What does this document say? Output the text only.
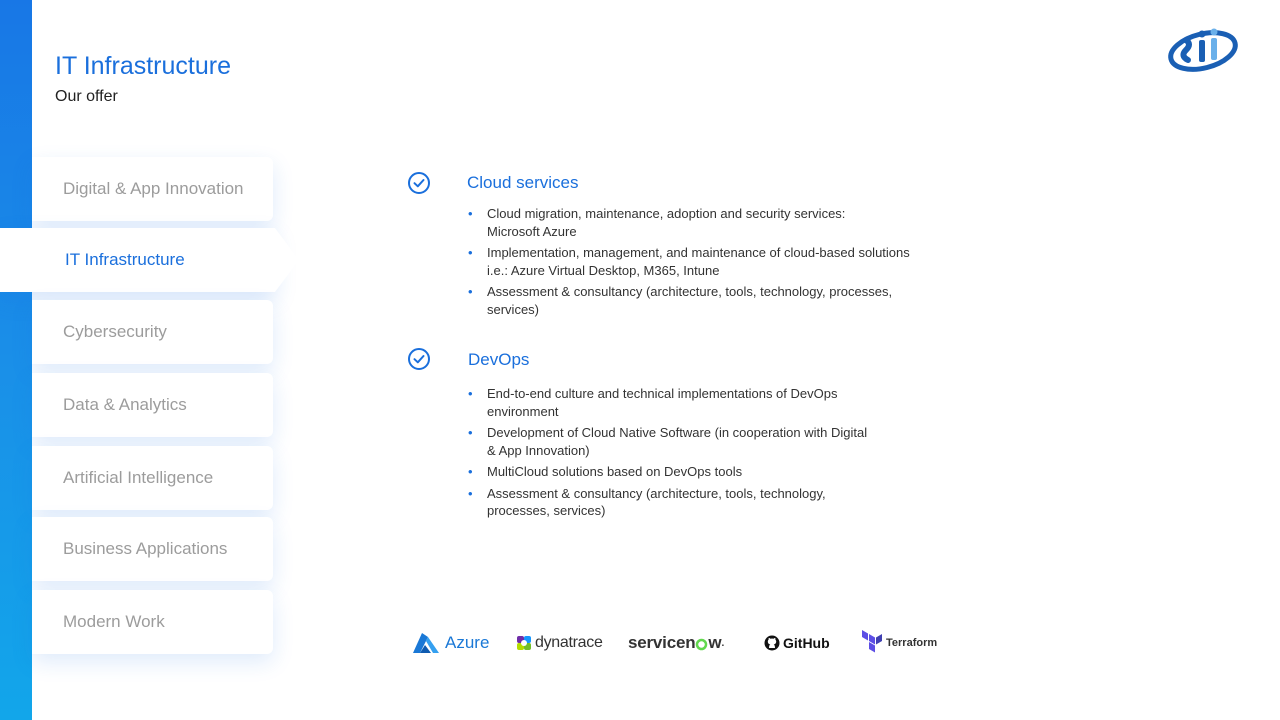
IT Infrastructure
Our offer
Digital & App Innovation
IT Infrastructure
Cybersecurity
Data & Analytics
Artificial Intelligence
Business Applications
Modern Work
Cloud services
• Cloud migration, maintenance, adoption and security services:
Microsoft Azure
• Implementation, management, and maintenance of cloud-based solutions
i.e.: Azure Virtual Desktop, M365, Intune
• Assessment & consultancy (architecture, tools, technology, processes,
services)
DevOps
• End-to-end culture and technical implementations of DevOps
environment
• Development of Cloud Native Software (in cooperation with Digital
& App Innovation)
• MultiCloud solutions based on DevOps tools
• Assessment & consultancy (architecture, tools, technology,
processes, services)
Azure	dynatrace servicen w .	GitHub	Terraform
